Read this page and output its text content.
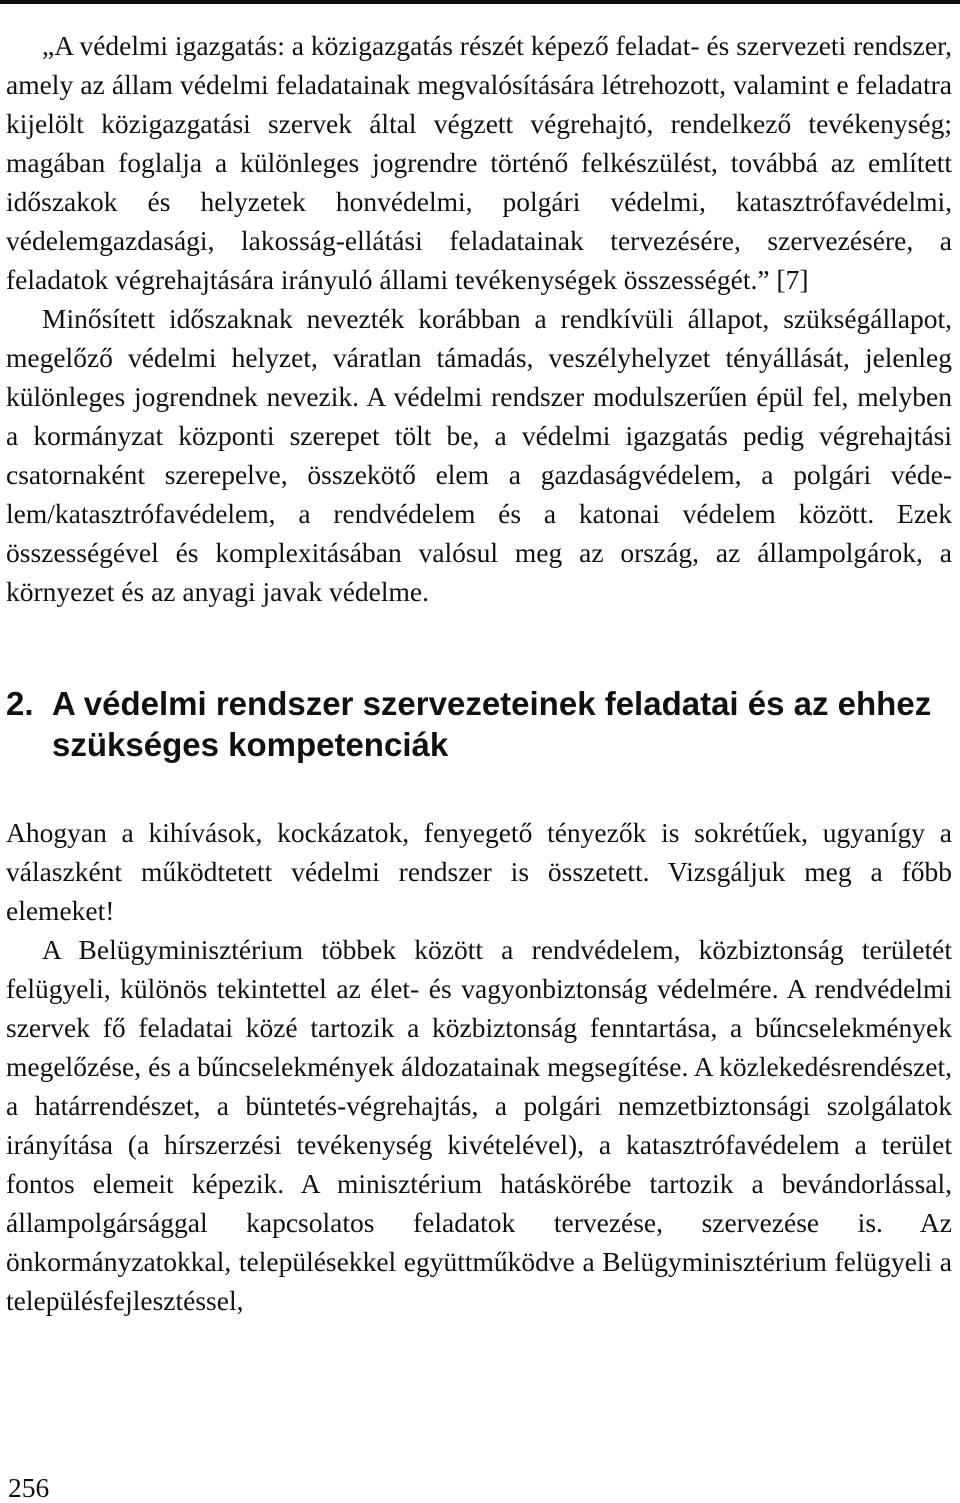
„A védelmi igazgatás: a közigazgatás részét képező feladat- és szervezeti rendszer, amely az állam védelmi feladatainak megvalósítására létrehozott, valamint e feladatra kijelölt közigazgatási szervek által végzett végrehajtó, rendelkező tevékenység; magában foglalja a különleges jogrendre történő felkészülést, továbbá az említett időszakok és helyzetek honvédelmi, polgári védelmi, katasztrófavédelmi, védelemgazdasági, lakosság-ellátási feladatainak tervezésére, szervezésére, a feladatok végrehajtására irányuló állami tevékenységek összességét.” [7]

Minősített időszaknak nevezték korábban a rendkívüli állapot, szükségállapot, megelőző védelmi helyzet, váratlan támadás, veszélyhelyzet tényállását, jelenleg különleges jogrendnek nevezik. A védelmi rendszer modulszerűen épül fel, melyben a kormányzat központi szerepet tölt be, a védelmi igazgatás pedig végrehajtási csatornaként szerepelve, összekötő elem a gazdaságvédelem, a polgári védelem/katasztrófavédelem, a rendvédelem és a katonai védelem között. Ezek összességével és komplexitásában valósul meg az ország, az állampolgárok, a környezet és az anyagi javak védelme.

2. A védelmi rendszer szervezeteinek feladatai és az ehhez szükséges kompetenciák

Ahogyan a kihívások, kockázatok, fenyegető tényezők is sokrétűek, ugyanígy a válaszként működtetett védelmi rendszer is összetett. Vizsgáljuk meg a főbb elemeket!

A Belügyminisztérium többek között a rendvédelem, közbiztonság területét felügyeli, különös tekintettel az élet- és vagyonbiztonság védelmére. A rendvédelmi szervek fő feladatai közé tartozik a közbiztonság fenntartása, a bűncselekmények megelőzése, és a bűncselekmények áldozatainak megsegítése. A közlekedésrendészet, a határrendészet, a büntetés-végrehajtás, a polgári nemzetbiztonsági szolgálatok irányítása (a hírszerzési tevékenység kivételével), a katasztrófavédelem a terület fontos elemeit képezik. A minisztérium hatáskörébe tartozik a bevándorlással, állampolgársággal kapcsolatos feladatok tervezése, szervezése is. Az önkormányzatokkal, településekkel együttműködve a Belügyminisztérium felügyeli a településfejlesztéssel,

256
